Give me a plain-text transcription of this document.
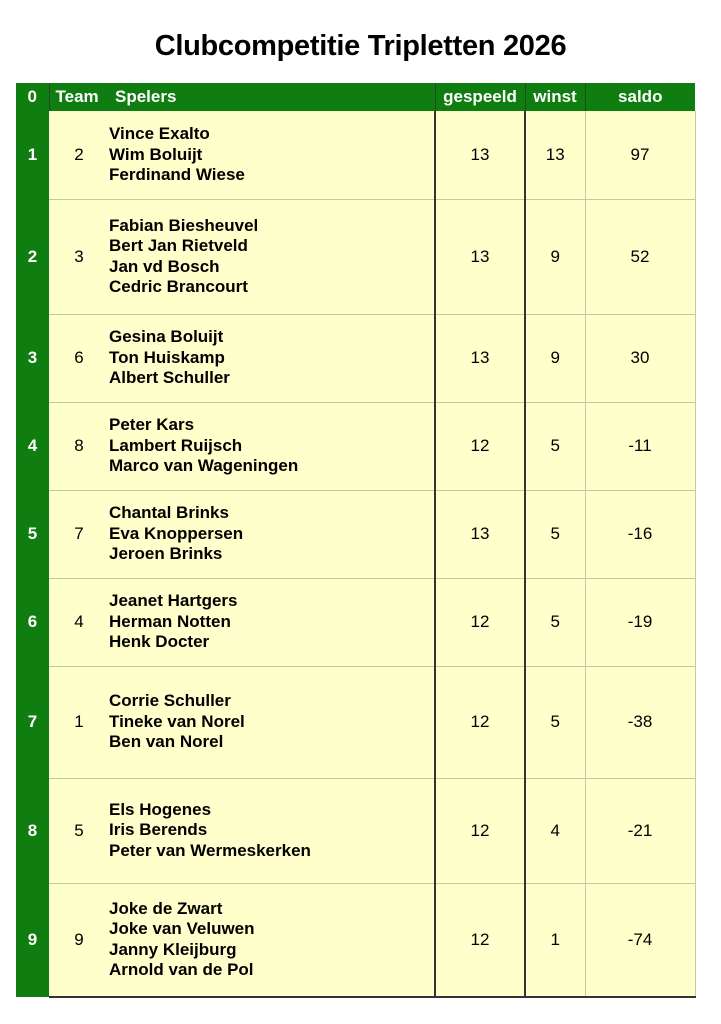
Clubcompetitie Tripletten 2026
0	Team	Spelers	gespeeld	winst	saldo
1	2	Vince Exalto
Wim Boluijt
Ferdinand Wiese	13	13	97
2	3	Fabian Biesheuvel
Bert Jan Rietveld
Jan vd Bosch
Cedric Brancourt	13	9	52
3	6	Gesina Boluijt
Ton Huiskamp
Albert Schuller	13	9	30
4	8	Peter Kars
Lambert Ruijsch
Marco van Wageningen	12	5	-11
5	7	Chantal Brinks
Eva Knoppersen
Jeroen Brinks	13	5	-16
6	4	Jeanet Hartgers
Herman Notten
Henk Docter	12	5	-19
7	1	Corrie Schuller
Tineke van Norel
Ben van Norel	12	5	-38
8	5	Els Hogenes
Iris Berends
Peter van Wermeskerken	12	4	-21
9	9	Joke de Zwart
Joke van Veluwen
Janny Kleijburg
Arnold van de Pol	12	1	-74
